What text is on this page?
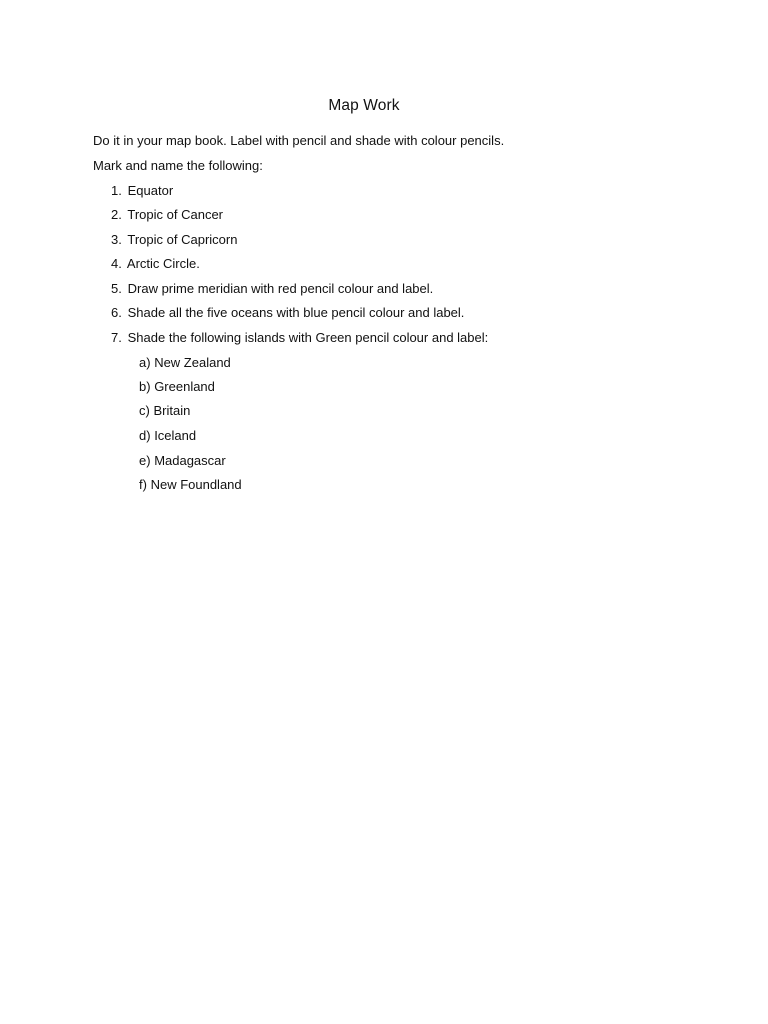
Map Work
Do it in your map book. Label with pencil and shade with colour pencils.
Mark and name the following:
1. Equator
2. Tropic of Cancer
3. Tropic of Capricorn
4. Arctic Circle.
5. Draw prime meridian with red pencil colour and label.
6. Shade all the five oceans with blue pencil colour and label.
7. Shade the following islands with Green pencil colour and label:
a) New Zealand
b) Greenland
c) Britain
d) Iceland
e) Madagascar
f) New Foundland
